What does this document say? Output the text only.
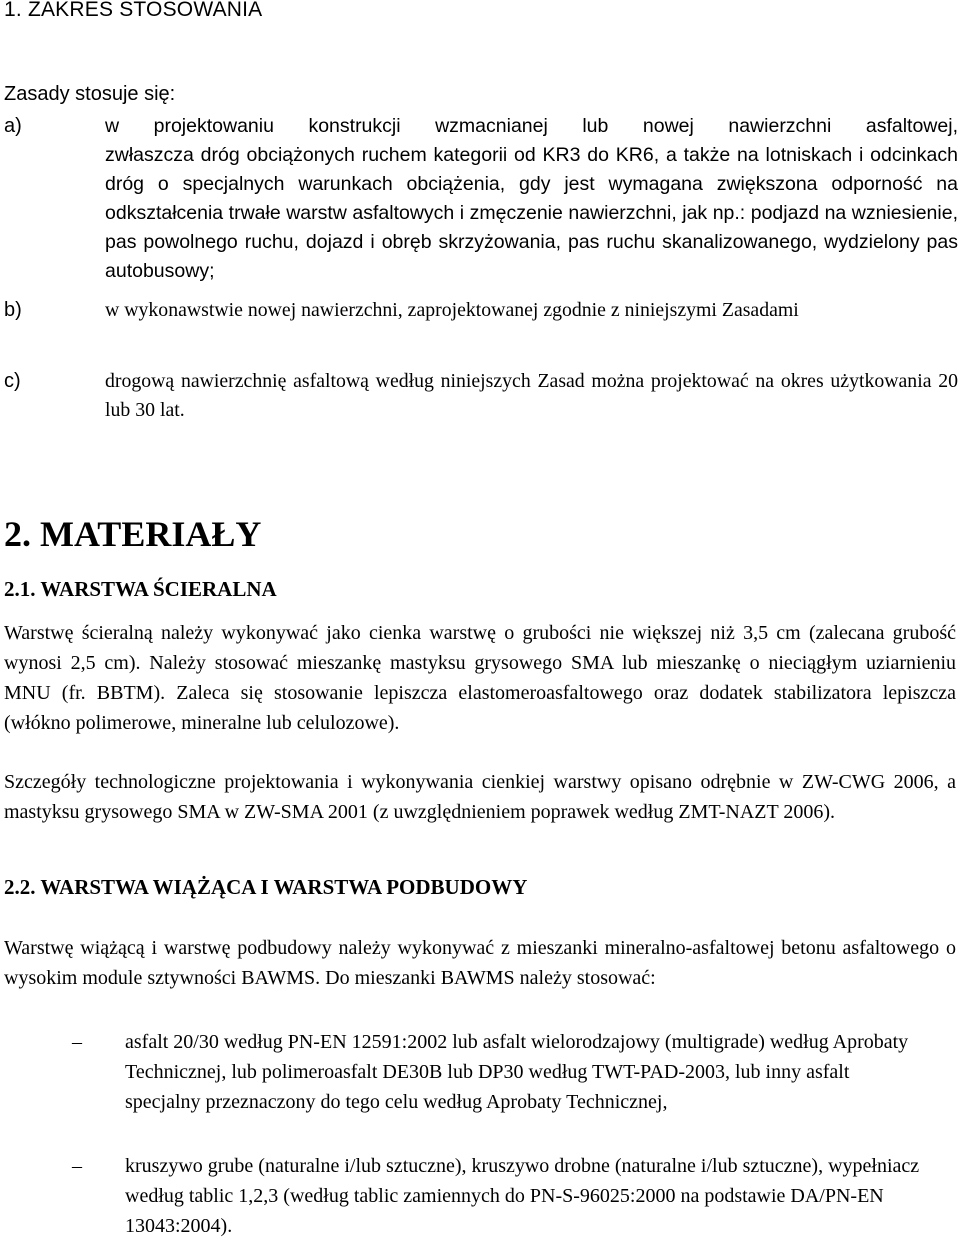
1. ZAKRES STOSOWANIA
Zasady stosuje się:
a)	w projektowaniu konstrukcji wzmacnianej lub nowej nawierzchni asfaltowej,
zwłaszcza dróg obciążonych ruchem kategorii od KR3 do KR6, a także na lotniskach i odcinkach dróg o specjalnych warunkach obciążenia, gdy jest wymagana zwiększona odporność na odkształcenia trwałe warstw asfaltowych i zmęczenie nawierzchni, jak np.: podjazd na wzniesienie, pas powolnego ruchu, dojazd i obręb skrzyżowania, pas ruchu skanalizowanego, wydzielony pas autobusowy;
b)	w wykonawstwie nowej nawierzchni, zaprojektowanej zgodnie z niniejszymi Zasadami
c)	drogową nawierzchnię asfaltową według niniejszych Zasad można projektować na okres użytkowania 20 lub 30 lat.
2. MATERIAŁY
2.1. WARSTWA ŚCIERALNA
Warstwę ścieralną należy wykonywać jako cienka warstwę o grubości nie większej niż 3,5 cm (zalecana grubość wynosi 2,5 cm). Należy stosować mieszankę mastyksu grysowego SMA lub mieszankę o nieciągłym uziarnieniu MNU (fr. BBTM). Zaleca się stosowanie lepiszcza elastomeroasfaltowego oraz dodatek stabilizatora lepiszcza (włókno polimerowe, mineralne lub celulozowe).
Szczegóły technologiczne projektowania i wykonywania cienkiej warstwy opisano odrębnie w ZW-CWG 2006, a mastyksu grysowego SMA w ZW-SMA 2001 (z uwzględnieniem poprawek według ZMT-NAZT 2006).
2.2. WARSTWA WIĄŻĄCA I WARSTWA PODBUDOWY
Warstwę wiążącą i warstwę podbudowy należy wykonywać z mieszanki mineralno-asfaltowej betonu asfaltowego o wysokim module sztywności BAWMS. Do mieszanki BAWMS należy stosować:
– asfalt 20/30 według PN-EN 12591:2002 lub asfalt wielorodzajowy (multigrade) według Aprobaty Technicznej, lub polimeroasfalt DE30B lub DP30 według TWT-PAD-2003, lub inny asfalt specjalny przeznaczony do tego celu według Aprobaty Technicznej,
– kruszywo grube (naturalne i/lub sztuczne), kruszywo drobne (naturalne i/lub sztuczne), wypełniacz według tablic 1,2,3 (według tablic zamiennych do PN-S-96025:2000 na podstawie DA/PN-EN 13043:2004).
